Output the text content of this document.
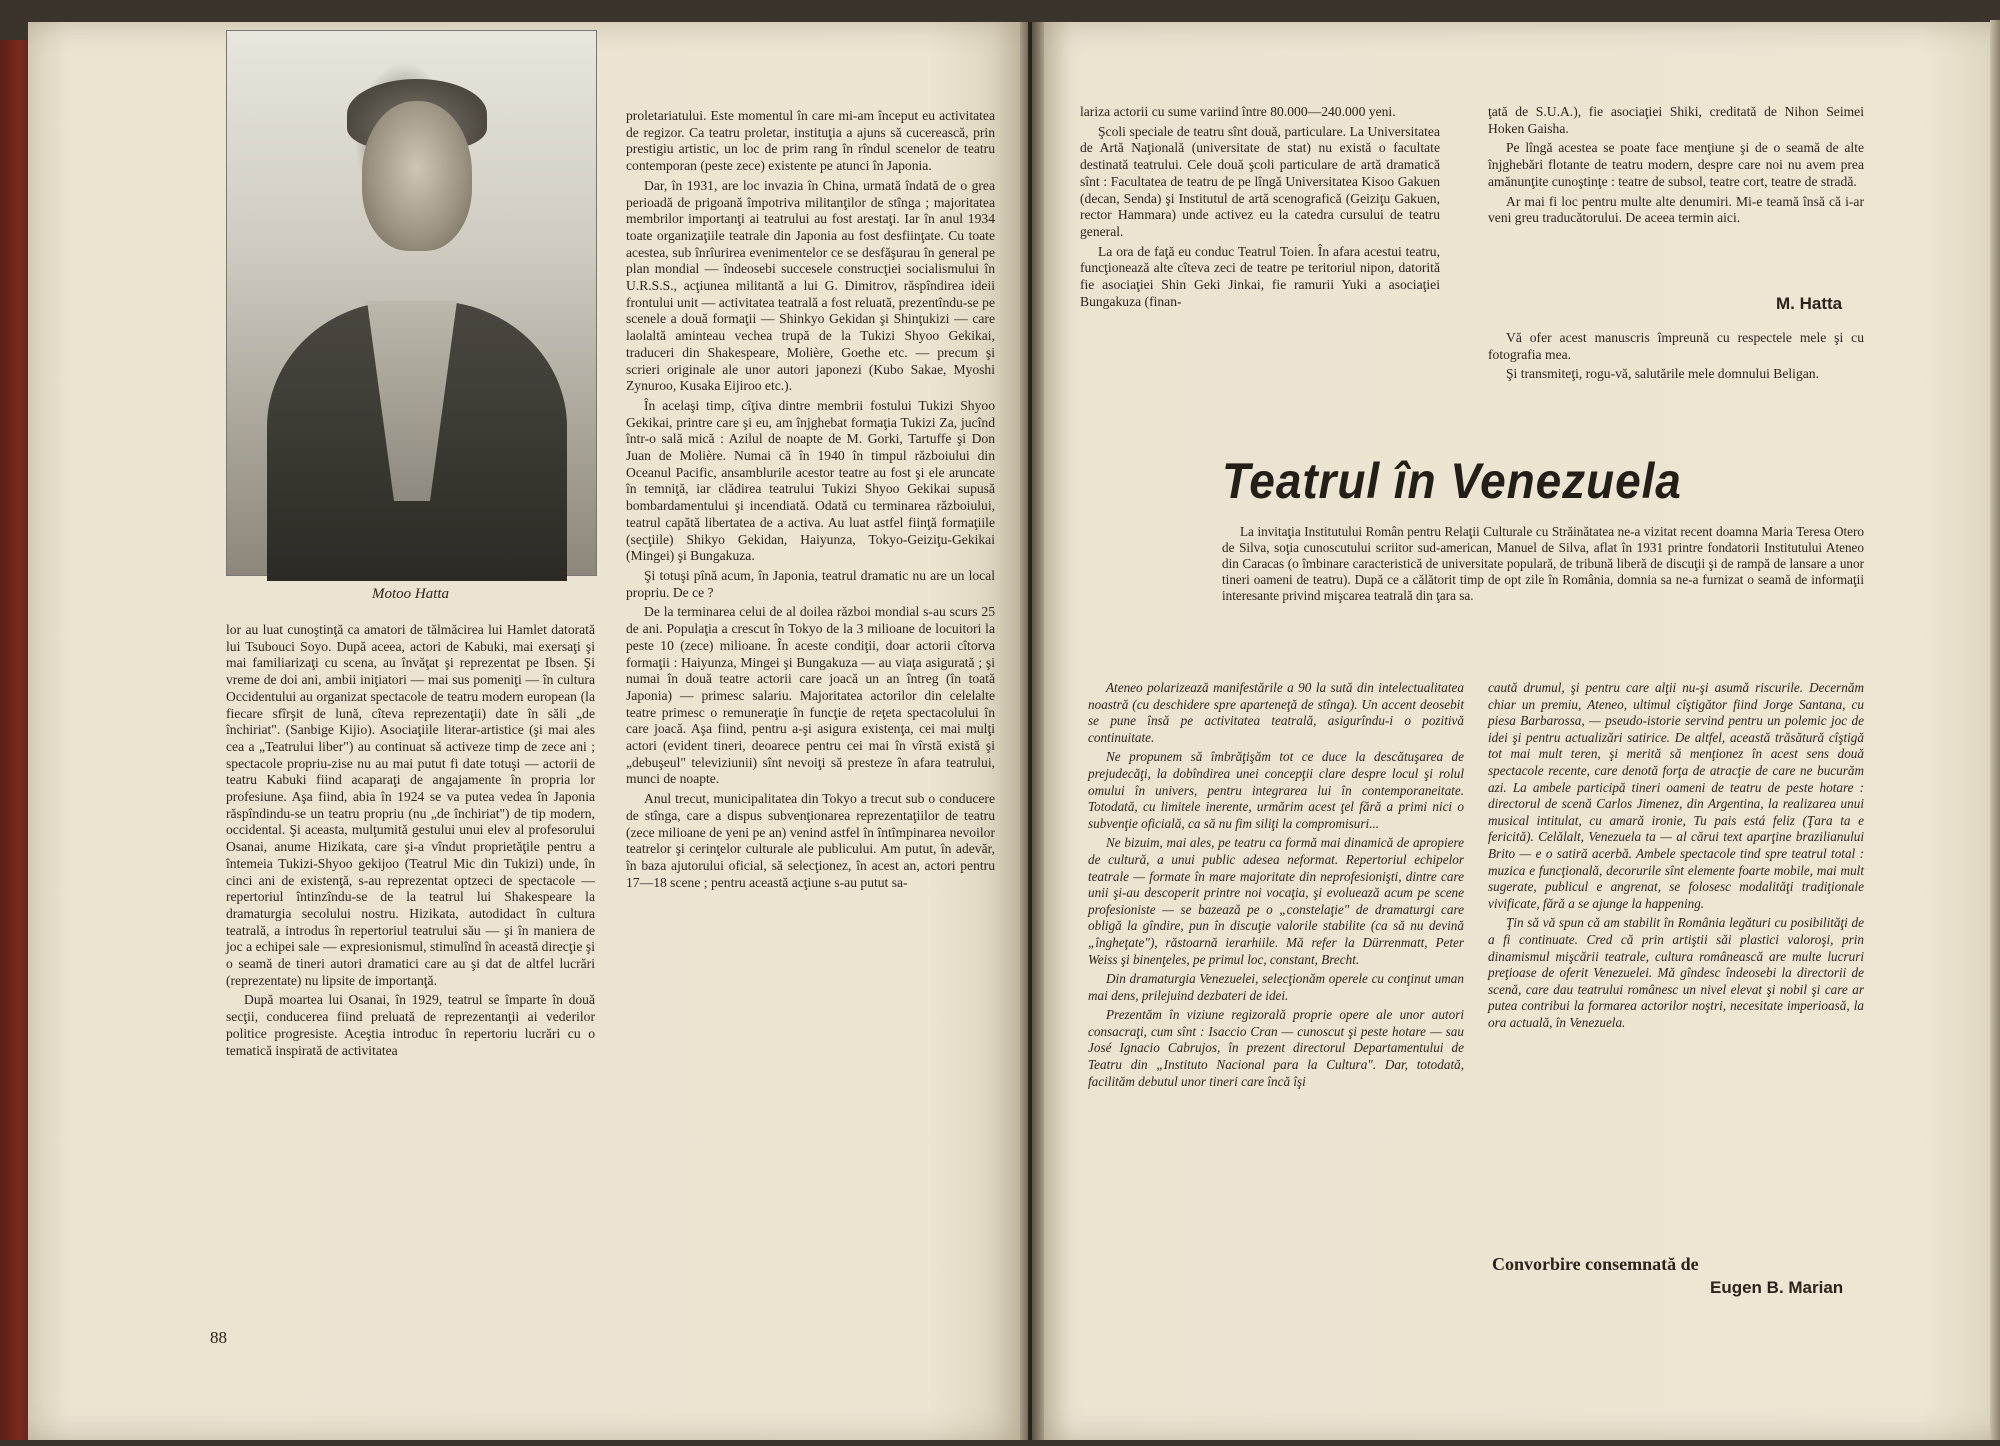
Motoo Hatta

lor au luat cunoştinţă ca amatori de tălmăcirea lui Hamlet datorată lui Tsubouci Soyo. După aceea, actori de Kabuki, mai exersaţi şi mai familiarizaţi cu scena, au învăţat şi reprezentat pe Ibsen. Şi vreme de doi ani, ambii iniţiatori — mai sus pomeniţi — în cultura Occidentului au organizat spectacole de teatru modern european (la fiecare sfîrşit de lună, cîteva reprezentaţii) date în săli „de închiriat". (Sanbige Kijio). Asociaţiile literar-artistice (şi mai ales cea a „Teatrului liber") au continuat să activeze timp de zece ani ; spectacole propriu-zise nu au mai putut fi date totuşi — actorii de teatru Kabuki fiind acaparaţi de angajamente în propria lor profesiune. Aşa fiind, abia în 1924 se va putea vedea în Japonia răspîndindu-se un teatru propriu (nu „de închiriat") de tip modern, occidental. Şi aceasta, mulţumită gestului unui elev al profesorului Osanai, anume Hizikata, care şi-a vîndut proprietăţile pentru a întemeia Tukizi-Shyoo gekijoo (Teatrul Mic din Tukizi) unde, în cinci ani de existenţă, s-au reprezentat optzeci de spectacole — repertoriul întinzîndu-se de la teatrul lui Shakespeare la dramaturgia secolului nostru. Hizikata, autodidact în cultura teatrală, a introdus în repertoriul teatrului său — şi în maniera de joc a echipei sale — expresionismul, stimulînd în această direcţie şi o seamă de tineri autori dramatici care au şi dat de altfel lucrări (reprezentate) nu lipsite de importanţă.

După moartea lui Osanai, în 1929, teatrul se împarte în două secţii, conducerea fiind preluată de reprezentanţii ai vederilor politice progresiste. Aceştia introduc în repertoriu lucrări cu o tematică inspirată de activitatea

proletariatului. Este momentul în care mi-am început eu activitatea de regizor. Ca teatru proletar, instituţia a ajuns să cucerească, prin prestigiu artistic, un loc de prim rang în rîndul scenelor de teatru contemporan (peste zece) existente pe atunci în Japonia.

Dar, în 1931, are loc invazia în China, urmată îndată de o grea perioadă de prigoană împotriva militanţilor de stînga ; majoritatea membrilor importanţi ai teatrului au fost arestaţi. Iar în anul 1934 toate organizaţiile teatrale din Japonia au fost desfiinţate. Cu toate acestea, sub înrîurirea evenimentelor ce se desfăşurau în general pe plan mondial — îndeosebi succesele construcţiei socialismului în U.R.S.S., acţiunea militantă a lui G. Dimitrov, răspîndirea ideii frontului unit — activitatea teatrală a fost reluată, prezentîndu-se pe scenele a două formaţii — Shinkyo Gekidan şi Shinţukizi — care laolaltă aminteau vechea trupă de la Tukizi Shyoo Gekikai, traduceri din Shakespeare, Molière, Goethe etc. — precum şi scrieri originale ale unor autori japonezi (Kubo Sakae, Myoshi Zynuroo, Kusaka Eijiroo etc.).

În acelaşi timp, cîţiva dintre membrii fostului Tukizi Shyoo Gekikai, printre care şi eu, am înjghebat formaţia Tukizi Za, jucînd într-o sală mică : Azilul de noapte de M. Gorki, Tartuffe şi Don Juan de Molière. Numai că în 1940 în timpul războiului din Oceanul Pacific, ansamblurile acestor teatre au fost şi ele aruncate în temniţă, iar clădirea teatrului Tukizi Shyoo Gekikai supusă bombardamentului şi incendiată. Odată cu terminarea războiului, teatrul capătă libertatea de a activa. Au luat astfel fiinţă formaţiile (secţiile) Shikyo Gekidan, Haiyunza, Tokyo-Geiziţu-Gekikai (Mingei) şi Bungakuza.

Şi totuşi pînă acum, în Japonia, teatrul dramatic nu are un local propriu. De ce ?

De la terminarea celui de al doilea război mondial s-au scurs 25 de ani. Populaţia a crescut în Tokyo de la 3 milioane de locuitori la peste 10 (zece) milioane. În aceste condiţii, doar actorii cîtorva formaţii : Haiyunza, Mingei şi Bungakuza — au viaţa asigurată ; şi numai în două teatre actorii care joacă un an întreg (în toată Japonia) — primesc salariu. Majoritatea actorilor din celelalte teatre primesc o remuneraţie în funcţie de reţeta spectacolului în care joacă. Aşa fiind, pentru a-şi asigura existenţa, cei mai mulţi actori (evident tineri, deoarece pentru cei mai în vîrstă există şi „debuşeul" televiziunii) sînt nevoiţi să presteze în afara teatrului, munci de noapte.

Anul trecut, municipalitatea din Tokyo a trecut sub o conducere de stînga, care a dispus subvenţionarea reprezentaţiilor de teatru (zece milioane de yeni pe an) venind astfel în întîmpinarea nevoilor teatrelor şi cerinţelor culturale ale publicului. Am putut, în adevăr, în baza ajutorului oficial, să selecţionez, în acest an, actori pentru 17—18 scene ; pentru această acţiune s-au putut sa-

88

lariza actorii cu sume variind între 80.000—240.000 yeni.

Şcoli speciale de teatru sînt două, particulare. La Universitatea de Artă Naţională (universitate de stat) nu există o facultate destinată teatrului. Cele două şcoli particulare de artă dramatică sînt : Facultatea de teatru de pe lîngă Universitatea Kisoo Gakuen (decan, Senda) şi Institutul de artă scenografică (Geiziţu Gakuen, rector Hammara) unde activez eu la catedra cursului de teatru general.

La ora de faţă eu conduc Teatrul Toien. În afara acestui teatru, funcţionează alte cîteva zeci de teatre pe teritoriul nipon, datorită fie asociaţiei Shin Geki Jinkai, fie ramurii Yuki a asociaţiei Bungakuza (finan-

ţată de S.U.A.), fie asociaţiei Shiki, creditată de Nihon Seimei Hoken Gaisha.

Pe lîngă acestea se poate face menţiune şi de o seamă de alte înjghebări flotante de teatru modern, despre care noi nu avem prea amănunţite cunoştinţe : teatre de subsol, teatre cort, teatre de stradă.

Ar mai fi loc pentru multe alte denumiri. Mi-e teamă însă că i-ar veni greu traducătorului. De aceea termin aici.

M. Hatta

Vă ofer acest manuscris împreună cu respectele mele şi cu fotografia mea.

Şi transmiteţi, rogu-vă, salutările mele domnului Beligan.

Teatrul în Venezuela

La invitaţia Institutului Român pentru Relaţii Culturale cu Străinătatea ne-a vizitat recent doamna Maria Teresa Otero de Silva, soţia cunoscutului scriitor sud-american, Manuel de Silva, aflat în 1931 printre fondatorii Institutului Ateneo din Caracas (o îmbinare caracteristică de universitate populară, de tribună liberă de discuţii şi de rampă de lansare a unor tineri oameni de teatru). După ce a călătorit timp de opt zile în România, domnia sa ne-a furnizat o seamă de informaţii interesante privind mişcarea teatrală din ţara sa.

Ateneo polarizează manifestările a 90 la sută din intelectualitatea noastră (cu deschidere spre aparteneţă de stînga). Un accent deosebit se pune însă pe activitatea teatrală, asigurîndu-i o pozitivă continuitate.

Ne propunem să îmbrăţişăm tot ce duce la descătuşarea de prejudecăţi, la dobîndirea unei concepţii clare despre locul şi rolul omului în univers, pentru integrarea lui în contemporaneitate. Totodată, cu limitele inerente, urmărim acest ţel fără a primi nici o subvenţie oficială, ca să nu fim siliţi la compromisuri...

Ne bizuim, mai ales, pe teatru ca formă mai dinamică de apropiere de cultură, a unui public adesea neformat. Repertoriul echipelor teatrale — formate în mare majoritate din neprofesionişti, dintre care unii şi-au descoperit printre noi vocaţia, şi evoluează acum pe scene profesioniste — se bazează pe o „constelaţie" de dramaturgi care obligă la gîndire, pun în discuţie valorile stabilite (ca să nu devină „îngheţate"), răstoarnă ierarhiile. Mă refer la Dürrenmatt, Peter Weiss şi binenţeles, pe primul loc, constant, Brecht.

Din dramaturgia Venezuelei, selecţionăm operele cu conţinut uman mai dens, prilejuind dezbateri de idei.

Prezentăm în viziune regizorală proprie opere ale unor autori consacraţi, cum sînt : Isaccio Cran — cunoscut şi peste hotare — sau José Ignacio Cabrujos, în prezent directorul Departamentului de Teatru din „Instituto Nacional para la Cultura". Dar, totodată, facilităm debutul unor tineri care încă îşi

caută drumul, şi pentru care alţii nu-şi asumă riscurile. Decernăm chiar un premiu, Ateneo, ultimul cîştigător fiind Jorge Santana, cu piesa Barbarossa, — pseudo-istorie servind pentru un polemic joc de idei şi pentru actualizări satirice. De altfel, această trăsătură cîştigă tot mai mult teren, şi merită să menţionez în acest sens două spectacole recente, care denotă forţa de atracţie de care ne bucurăm azi. La ambele participă tineri oameni de teatru de peste hotare : directorul de scenă Carlos Jimenez, din Argentina, la realizarea unui musical intitulat, cu amară ironie, Tu pais está feliz (Ţara ta e fericită). Celălalt, Venezuela ta — al cărui text aparţine brazilianului Brito — e o satiră acerbă. Ambele spectacole tind spre teatrul total : muzica e funcţională, decorurile sînt elemente foarte mobile, mai mult sugerate, publicul e angrenat, se folosesc modalităţi tradiţionale vivificate, fără a se ajunge la happening.

Ţin să vă spun că am stabilit în România legături cu posibilităţi de a fi continuate. Cred că prin artiştii săi plastici valoroşi, prin dinamismul mişcării teatrale, cultura românească are multe lucruri preţioase de oferit Venezuelei. Mă gîndesc îndeosebi la directorii de scenă, care dau teatrului românesc un nivel elevat şi nobil şi care ar putea contribui la formarea actorilor noştri, necesitate imperioasă, la ora actuală, în Venezuela.

Convorbire consemnată de
Eugen B. Marian
